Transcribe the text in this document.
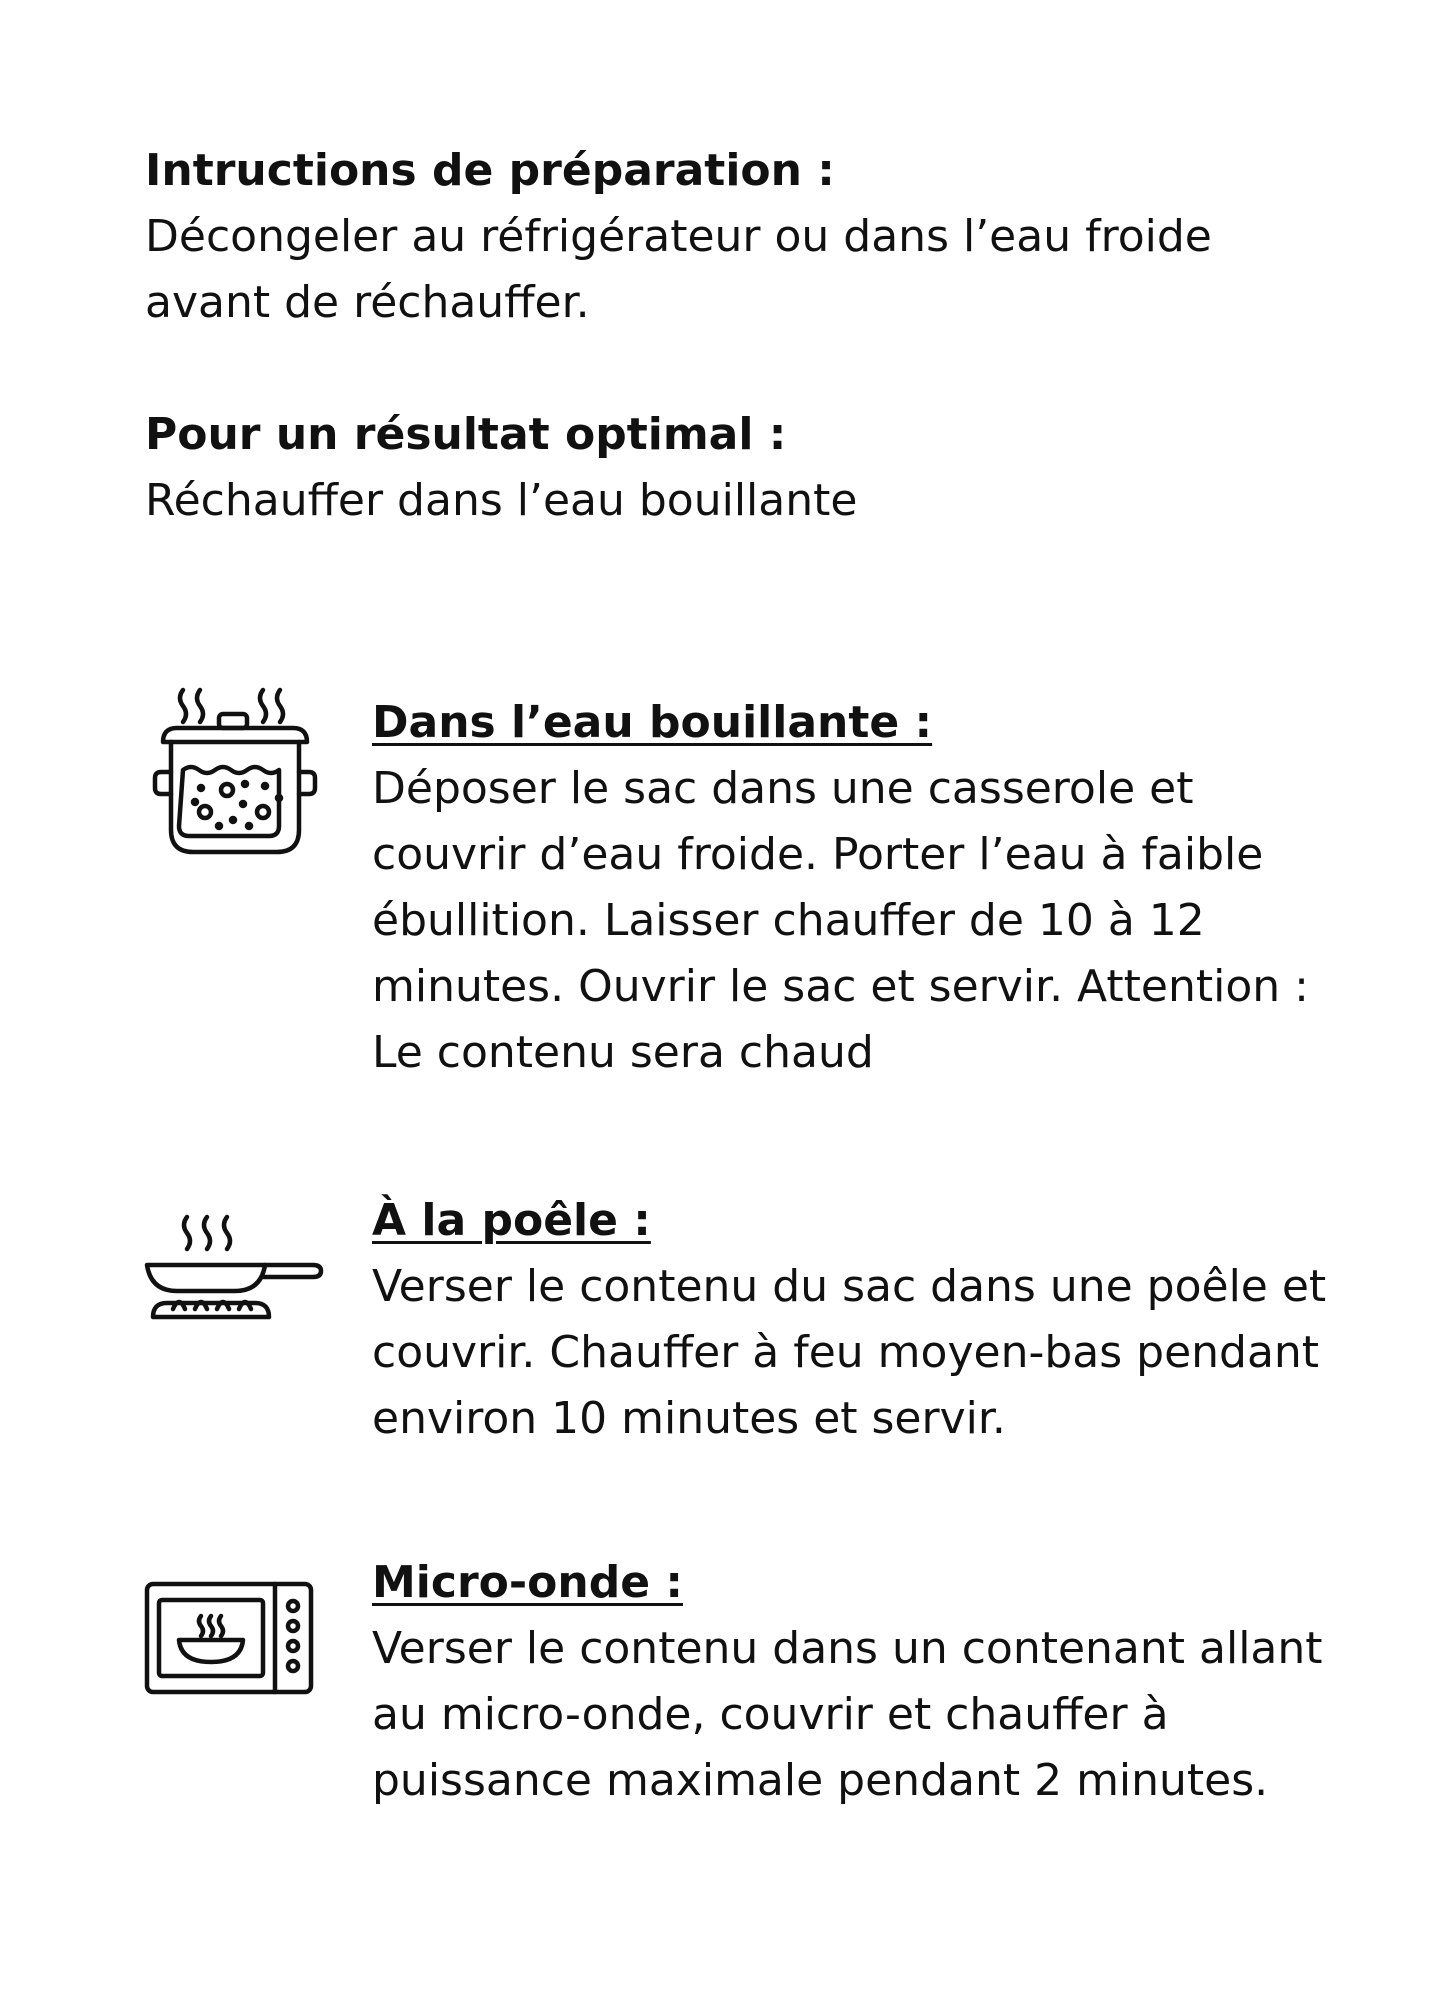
Intructions de préparation :
Décongeler au réfrigérateur ou dans l’eau froide avant de réchauffer.
Pour un résultat optimal :
Réchauffer dans l’eau bouillante
Dans l’eau bouillante :
Déposer le sac dans une casserole et couvrir d’eau froide. Porter l’eau à faible ébullition. Laisser chauffer de 10 à 12 minutes. Ouvrir le sac et servir. Attention : Le contenu sera chaud
À la poêle :
Verser le contenu du sac dans une poêle et couvrir. Chauffer à feu moyen-bas pendant environ 10 minutes et servir.
Micro-onde :
Verser le contenu dans un contenant allant au micro-onde, couvrir et chauffer à puissance maximale pendant 2 minutes.
